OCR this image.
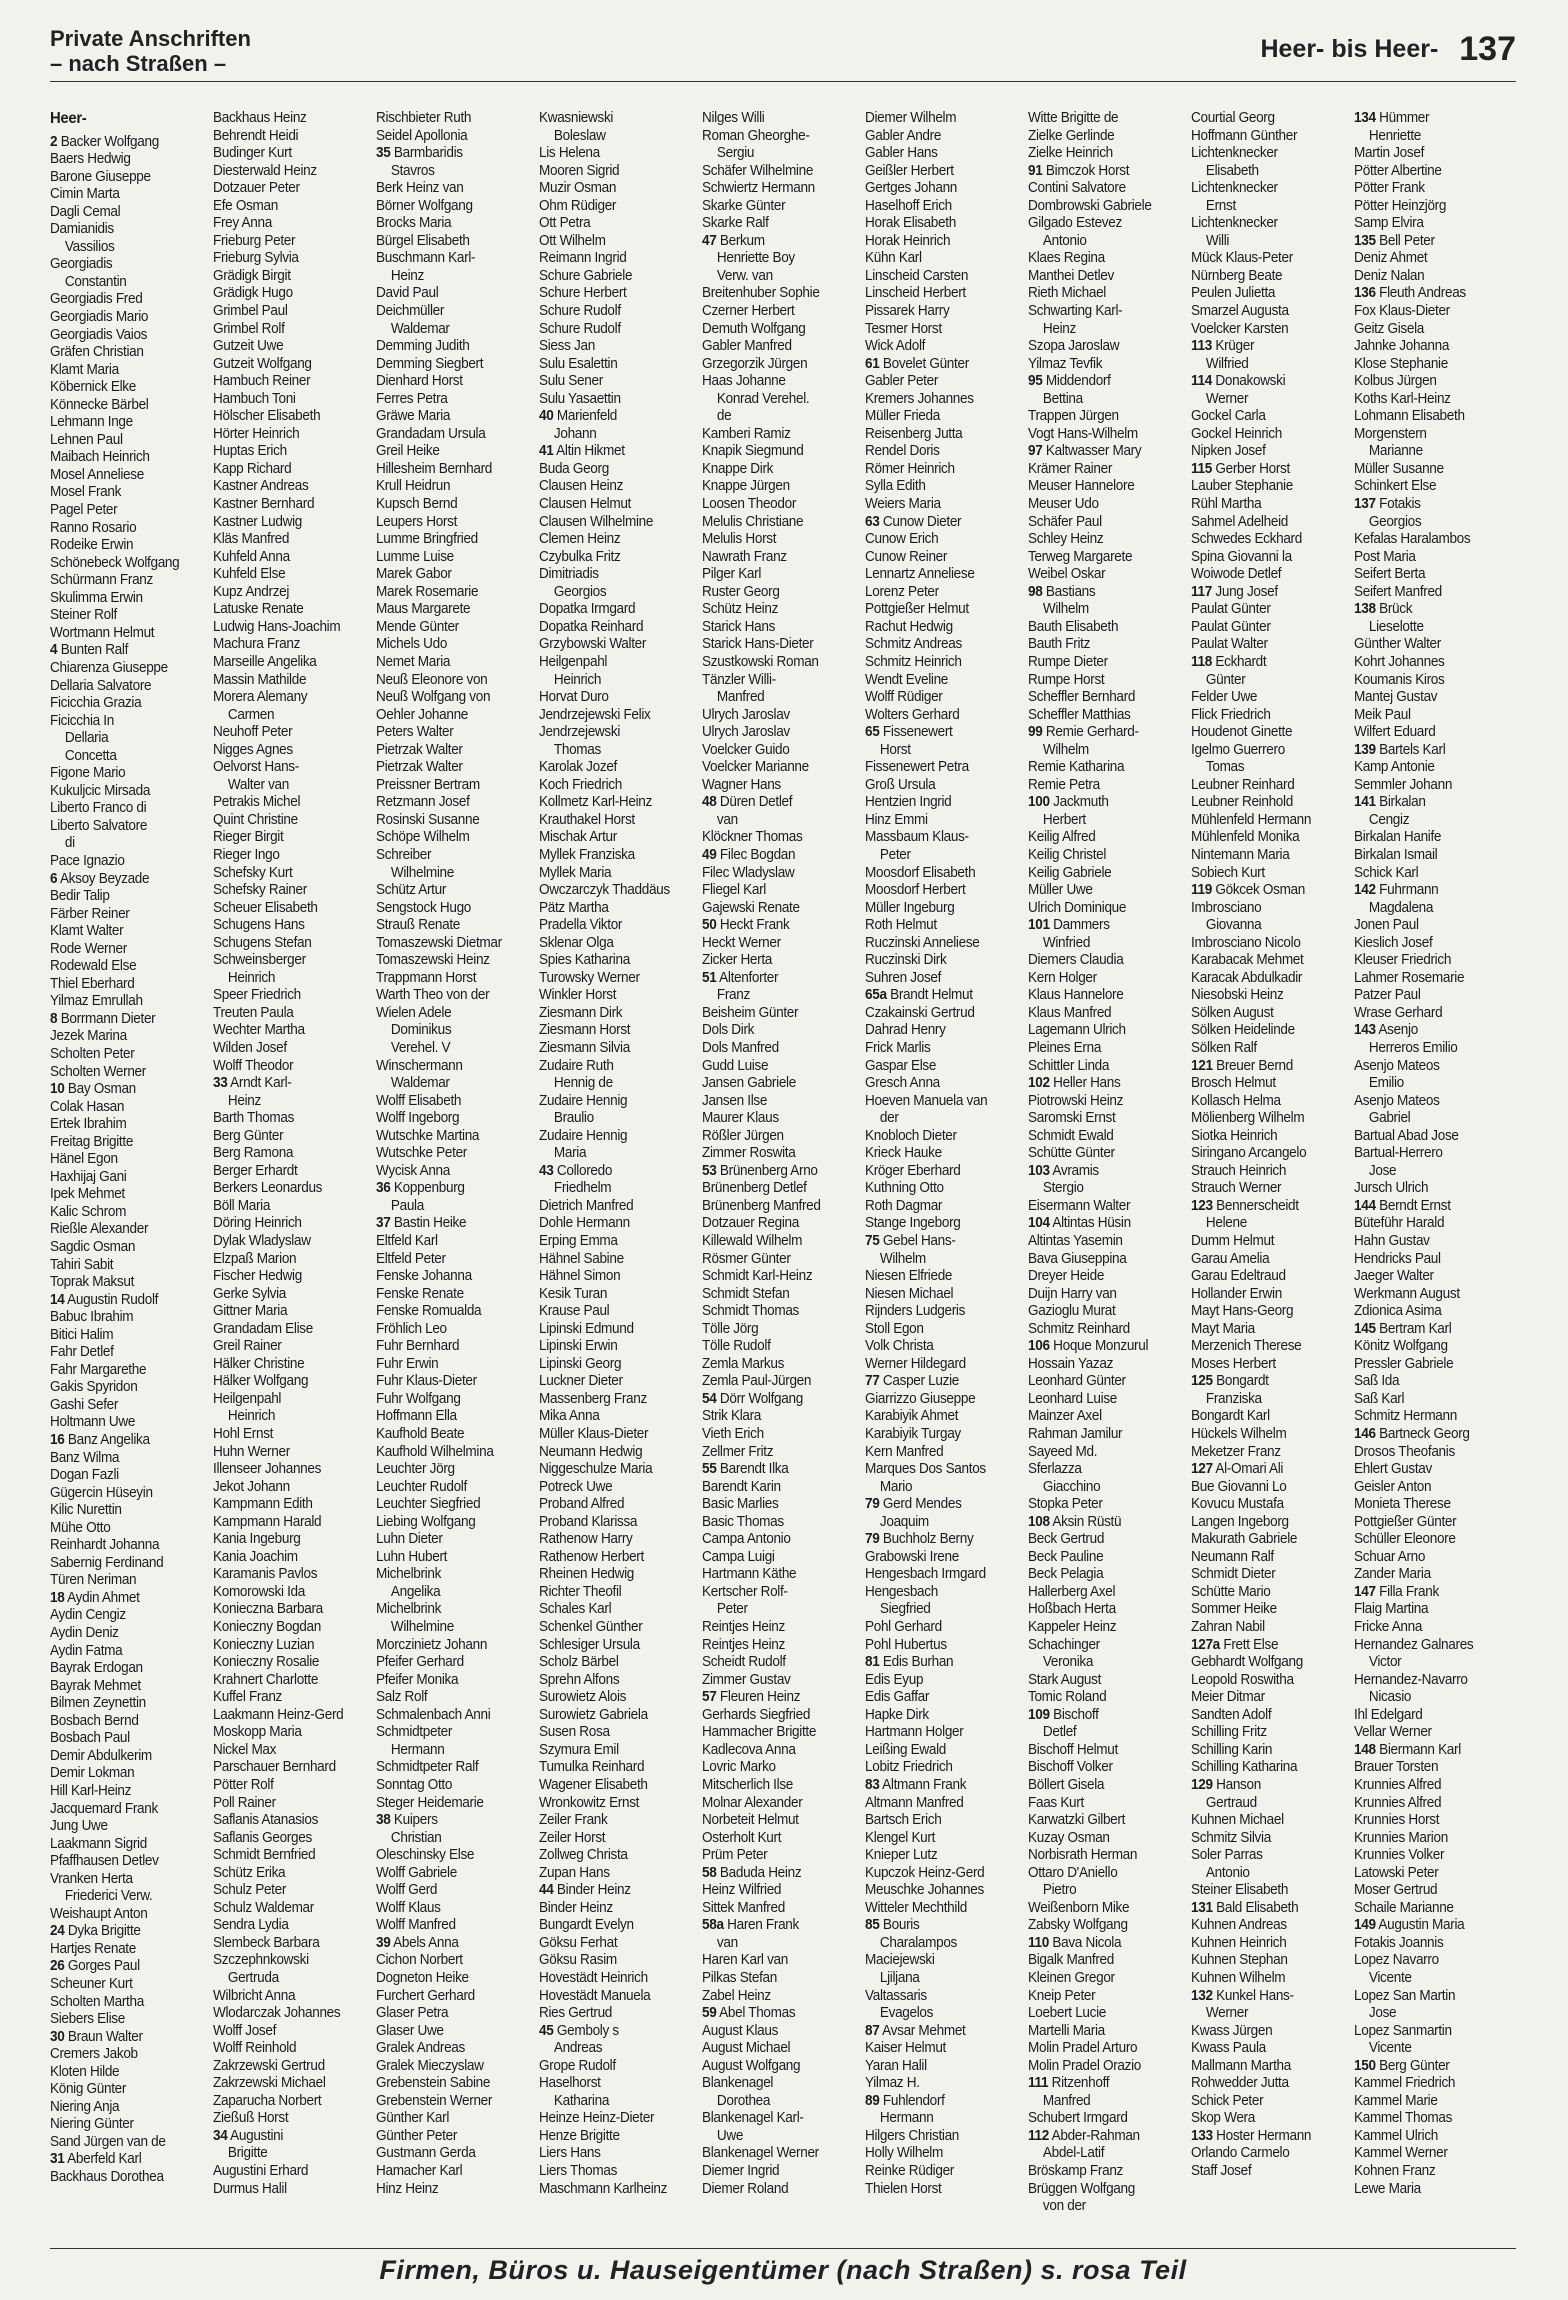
Private Anschriften
– nach Straßen –
Heer- bis Heer- 137
Heer-
2 Backer Wolfgang
Baers Hedwig
Barone Giuseppe
Cimin Marta
Dagli Cemal
Damianidis
Vassilios
Georgiadis
Constantin
Georgiadis Fred
Georgiadis Mario
Georgiadis Vaios
Gräfen Christian
Klamt Maria
Köbernick Elke
Könnecke Bärbel
Lehmann Inge
Lehnen Paul
Maibach Heinrich
Mosel Anneliese
Mosel Frank
Pagel Peter
Ranno Rosario
Rodeike Erwin
Schönebeck Wolfgang
Schürmann Franz
Skulimma Erwin
Steiner Rolf
Wortmann Helmut
4 Bunten Ralf
Chiarenza Giuseppe
Dellaria Salvatore
Ficicchia Grazia
Ficicchia In
Dellaria
Concetta
Figone Mario
Kukuljcic Mirsada
Liberto Franco di
Liberto Salvatore
di
Pace Ignazio
6 Aksoy Beyzade
Bedir Talip
Färber Reiner
Klamt Walter
Rode Werner
Rodewald Else
Thiel Eberhard
Yilmaz Emrullah
8 Borrmann Dieter
Jezek Marina
Scholten Peter
Scholten Werner
10 Bay Osman
Colak Hasan
Ertek Ibrahim
Freitag Brigitte
Hänel Egon
Haxhijaj Gani
Ipek Mehmet
Kalic Schrom
Rießle Alexander
Sagdic Osman
Tahiri Sabit
Toprak Maksut
14 Augustin Rudolf
Babuc Ibrahim
Bitici Halim
Fahr Detlef
Fahr Margarethe
Gakis Spyridon
Gashi Sefer
Holtmann Uwe
16 Banz Angelika
Banz Wilma
Dogan Fazli
Gügercin Hüseyin
Kilic Nurettin
Mühe Otto
Reinhardt Johanna
Sabernig Ferdinand
Türen Neriman
18 Aydin Ahmet
Aydin Cengiz
Aydin Deniz
Aydin Fatma
Bayrak Erdogan
Bayrak Mehmet
Bilmen Zeynettin
Bosbach Bernd
Bosbach Paul
Demir Abdulkerim
Demir Lokman
Hill Karl-Heinz
Jacquemard Frank
Jung Uwe
Laakmann Sigrid
Pfaffhausen Detlev
Vranken Herta
Friederici Verw.
Weishaupt Anton
24 Dyka Brigitte
Hartjes Renate
26 Gorges Paul
Scheuner Kurt
Scholten Martha
Siebers Elise
30 Braun Walter
Cremers Jakob
Kloten Hilde
König Günter
Niering Anja
Niering Günter
Sand Jürgen van de
31 Aberfeld Karl
Backhaus Dorothea
Backhaus Heinz
Behrendt Heidi
Budinger Kurt
Diesterwald Heinz
Dotzauer Peter
Efe Osman
Frey Anna
Frieburg Peter
Frieburg Sylvia
Grädigk Birgit
Grädigk Hugo
Grimbel Paul
Grimbel Rolf
Gutzeit Uwe
Gutzeit Wolfgang
Hambuch Reiner
Hambuch Toni
Hölscher Elisabeth
Hörter Heinrich
Huptas Erich
Kapp Richard
Kastner Andreas
Kastner Bernhard
Kastner Ludwig
Kläs Manfred
Kuhfeld Anna
Kuhfeld Else
Kupz Andrzej
Latuske Renate
Ludwig Hans-Joachim
Machura Franz
Marseille Angelika
Massin Mathilde
Morera Alemany
Carmen
Neuhoff Peter
Nigges Agnes
Oelvorst Hans-
Walter van
Petrakis Michel
Quint Christine
Rieger Birgit
Rieger Ingo
Schefsky Kurt
Schefsky Rainer
Scheuer Elisabeth
Schugens Hans
Schugens Stefan
Schweinsberger
Heinrich
Speer Friedrich
Treuten Paula
Wechter Martha
Wilden Josef
Wolff Theodor
33 Arndt Karl-
Heinz
Barth Thomas
Berg Günter
Berg Ramona
Berger Erhardt
Berkers Leonardus
Böll Maria
Döring Heinrich
Dylak Wladyslaw
Elzpaß Marion
Fischer Hedwig
Gerke Sylvia
Gittner Maria
Grandadam Elise
Greil Rainer
Hälker Christine
Hälker Wolfgang
Heilgenpahl
Heinrich
Hohl Ernst
Huhn Werner
Illenseer Johannes
Jekot Johann
Kampmann Edith
Kampmann Harald
Kania Ingeburg
Kania Joachim
Karamanis Pavlos
Komorowski Ida
Konieczna Barbara
Konieczny Bogdan
Konieczny Luzian
Konieczny Rosalie
Krahnert Charlotte
Kuffel Franz
Laakmann Heinz-Gerd
Moskopp Maria
Nickel Max
Parschauer Bernhard
Pötter Rolf
Poll Rainer
Saflanis Atanasios
Saflanis Georges
Schmidt Bernfried
Schütz Erika
Schulz Peter
Schulz Waldemar
Sendra Lydia
Slembeck Barbara
Szczephnkowski
Gertruda
Wilbricht Anna
Wlodarczak Johannes
Wolff Josef
Wolff Reinhold
Zakrzewski Gertrud
Zakrzewski Michael
Zaparucha Norbert
Zießuß Horst
34 Augustini
Brigitte
Augustini Erhard
Durmus Halil
Rischbieter Ruth
Seidel Apollonia
35 Barmbaridis
Stavros
Berk Heinz van
Börner Wolfgang
Brocks Maria
Bürgel Elisabeth
Buschmann Karl-
Heinz
David Paul
Deichmüller
Waldemar
Demming Judith
Demming Siegbert
Dienhard Horst
Ferres Petra
Gräwe Maria
Grandadam Ursula
Greil Heike
Hillesheim Bernhard
Krull Heidrun
Kupsch Bernd
Leupers Horst
Lumme Bringfried
Lumme Luise
Marek Gabor
Marek Rosemarie
Maus Margarete
Mende Günter
Michels Udo
Nemet Maria
Neuß Eleonore von
Neuß Wolfgang von
Oehler Johanne
Peters Walter
Pietrzak Walter
Pietrzak Walter
Preissner Bertram
Retzmann Josef
Rosinski Susanne
Schöpe Wilhelm
Schreiber
Wilhelmine
Schütz Artur
Sengstock Hugo
Strauß Renate
Tomaszewski Dietmar
Tomaszewski Heinz
Trappmann Horst
Warth Theo von der
Wielen Adele
Dominikus
Verehel. V
Winschermann
Waldemar
Wolff Elisabeth
Wolff Ingeborg
Wutschke Martina
Wutschke Peter
Wycisk Anna
36 Koppenburg
Paula
37 Bastin Heike
Eltfeld Karl
Eltfeld Peter
Fenske Johanna
Fenske Renate
Fenske Romualda
Fröhlich Leo
Fuhr Bernhard
Fuhr Erwin
Fuhr Klaus-Dieter
Fuhr Wolfgang
Hoffmann Ella
Kaufhold Beate
Kaufhold Wilhelmina
Leuchter Jörg
Leuchter Rudolf
Leuchter Siegfried
Liebing Wolfgang
Luhn Dieter
Luhn Hubert
Michelbrink
Angelika
Michelbrink
Wilhelmine
Morczinietz Johann
Pfeifer Gerhard
Pfeifer Monika
Salz Rolf
Schmalenbach Anni
Schmidtpeter
Hermann
Schmidtpeter Ralf
Sonntag Otto
Steger Heidemarie
38 Kuipers
Christian
Oleschinsky Else
Wolff Gabriele
Wolff Gerd
Wolff Klaus
Wolff Manfred
39 Abels Anna
Cichon Norbert
Dogneton Heike
Furchert Gerhard
Glaser Petra
Glaser Uwe
Gralek Andreas
Gralek Mieczyslaw
Grebenstein Sabine
Grebenstein Werner
Günther Karl
Günther Peter
Gustmann Gerda
Hamacher Karl
Hinz Heinz
Kwasniewski
Boleslaw
Lis Helena
Mooren Sigrid
Muzir Osman
Ohm Rüdiger
Ott Petra
Ott Wilhelm
Reimann Ingrid
Schure Gabriele
Schure Herbert
Schure Rudolf
Schure Rudolf
Siess Jan
Sulu Esalettin
Sulu Sener
Sulu Yasaettin
40 Marienfeld
Johann
41 Altin Hikmet
Buda Georg
Clausen Heinz
Clausen Helmut
Clausen Wilhelmine
Clemen Heinz
Czybulka Fritz
Dimitriadis
Georgios
Dopatka Irmgard
Dopatka Reinhard
Grzybowski Walter
Heilgenpahl
Heinrich
Horvat Duro
Jendrzejewski Felix
Jendrzejewski
Thomas
Karolak Jozef
Koch Friedrich
Kollmetz Karl-Heinz
Krauthakel Horst
Mischak Artur
Myllek Franziska
Myllek Maria
Owczarczyk Thaddäus
Pätz Martha
Pradella Viktor
Sklenar Olga
Spies Katharina
Turowsky Werner
Winkler Horst
Ziesmann Dirk
Ziesmann Horst
Ziesmann Silvia
Zudaire Ruth
Hennig de
Zudaire Hennig
Braulio
Zudaire Hennig
Maria
43 Colloredo
Friedhelm
Dietrich Manfred
Dohle Hermann
Erping Emma
Hähnel Sabine
Hähnel Simon
Kesik Turan
Krause Paul
Lipinski Edmund
Lipinski Erwin
Lipinski Georg
Luckner Dieter
Massenberg Franz
Mika Anna
Müller Klaus-Dieter
Neumann Hedwig
Niggeschulze Maria
Potreck Uwe
Proband Alfred
Proband Klarissa
Rathenow Harry
Rathenow Herbert
Rheinen Hedwig
Richter Theofil
Schales Karl
Schenkel Günther
Schlesiger Ursula
Scholz Bärbel
Sprehn Alfons
Surowietz Alois
Surowietz Gabriela
Susen Rosa
Szymura Emil
Tumulka Reinhard
Wagener Elisabeth
Wronkowitz Ernst
Zeiler Frank
Zeiler Horst
Zollweg Christa
Zupan Hans
44 Binder Heinz
Binder Heinz
Bungardt Evelyn
Göksu Ferhat
Göksu Rasim
Hovestädt Heinrich
Hovestädt Manuela
Ries Gertrud
45 Gemboly s
Andreas
Grope Rudolf
Haselhorst
Katharina
Heinze Heinz-Dieter
Henze Brigitte
Liers Hans
Liers Thomas
Maschmann Karlheinz
Nilges Willi
Roman Gheorghe-
Sergiu
Schäfer Wilhelmine
Schwiertz Hermann
Skarke Günter
Skarke Ralf
47 Berkum
Henriette Boy
Verw. van
Breitenhuber Sophie
Czerner Herbert
Demuth Wolfgang
Gabler Manfred
Grzegorzik Jürgen
Haas Johanne
Konrad Verehel.
de
Kamberi Ramiz
Knapik Siegmund
Knappe Dirk
Knappe Jürgen
Loosen Theodor
Melulis Christiane
Melulis Horst
Nawrath Franz
Pilger Karl
Ruster Georg
Schütz Heinz
Starick Hans
Starick Hans-Dieter
Szustkowski Roman
Tänzler Willi-
Manfred
Ulrych Jaroslav
Ulrych Jaroslav
Voelcker Guido
Voelcker Marianne
Wagner Hans
48 Düren Detlef
van
Klöckner Thomas
49 Filec Bogdan
Filec Wladyslaw
Fliegel Karl
Gajewski Renate
50 Heckt Frank
Heckt Werner
Zicker Herta
51 Altenforter
Franz
Beisheim Günter
Dols Dirk
Dols Manfred
Gudd Luise
Jansen Gabriele
Jansen Ilse
Maurer Klaus
Rößler Jürgen
Zimmer Roswita
53 Brünenberg Arno
Brünenberg Detlef
Brünenberg Manfred
Dotzauer Regina
Killewald Wilhelm
Rösmer Günter
Schmidt Karl-Heinz
Schmidt Stefan
Schmidt Thomas
Tölle Jörg
Tölle Rudolf
Zemla Markus
Zemla Paul-Jürgen
54 Dörr Wolfgang
Strik Klara
Vieth Erich
Zellmer Fritz
55 Barendt Ilka
Barendt Karin
Basic Marlies
Basic Thomas
Campa Antonio
Campa Luigi
Hartmann Käthe
Kertscher Rolf-
Peter
Reintjes Heinz
Reintjes Heinz
Scheidt Rudolf
Zimmer Gustav
57 Fleuren Heinz
Gerhards Siegfried
Hammacher Brigitte
Kadlecova Anna
Lovric Marko
Mitscherlich Ilse
Molnar Alexander
Norbeteit Helmut
Osterholt Kurt
Prüm Peter
58 Baduda Heinz
Heinz Wilfried
Sittek Manfred
58a Haren Frank
van
Haren Karl van
Pilkas Stefan
Zabel Heinz
59 Abel Thomas
August Klaus
August Michael
August Wolfgang
Blankenagel
Dorothea
Blankenagel Karl-
Uwe
Blankenagel Werner
Diemer Ingrid
Diemer Roland
Diemer Wilhelm
Gabler Andre
Gabler Hans
Geißler Herbert
Gertges Johann
Haselhoff Erich
Horak Elisabeth
Horak Heinrich
Kühn Karl
Linscheid Carsten
Linscheid Herbert
Pissarek Harry
Tesmer Horst
Wick Adolf
61 Bovelet Günter
Gabler Peter
Kremers Johannes
Müller Frieda
Reisenberg Jutta
Rendel Doris
Römer Heinrich
Sylla Edith
Weiers Maria
63 Cunow Dieter
Cunow Erich
Cunow Reiner
Lennartz Anneliese
Lorenz Peter
Pottgießer Helmut
Rachut Hedwig
Schmitz Andreas
Schmitz Heinrich
Wendt Eveline
Wolff Rüdiger
Wolters Gerhard
65 Fissenewert
Horst
Fissenewert Petra
Groß Ursula
Hentzien Ingrid
Hinz Emmi
Massbaum Klaus-
Peter
Moosdorf Elisabeth
Moosdorf Herbert
Müller Ingeburg
Roth Helmut
Ruczinski Anneliese
Ruczinski Dirk
Suhren Josef
65a Brandt Helmut
Czakainski Gertrud
Dahrad Henry
Frick Marlis
Gaspar Else
Gresch Anna
Hoeven Manuela van
der
Knobloch Dieter
Krieck Hauke
Kröger Eberhard
Kuthning Otto
Roth Dagmar
Stange Ingeborg
75 Gebel Hans-
Wilhelm
Niesen Elfriede
Niesen Michael
Rijnders Ludgeris
Stoll Egon
Volk Christa
Werner Hildegard
77 Casper Luzie
Giarrizzo Giuseppe
Karabiyik Ahmet
Karabiyik Turgay
Kern Manfred
Marques Dos Santos
Mario
79 Gerd Mendes
Joaquim
79 Buchholz Berny
Grabowski Irene
Hengesbach Irmgard
Hengesbach
Siegfried
Pohl Gerhard
Pohl Hubertus
81 Edis Burhan
Edis Eyup
Edis Gaffar
Hapke Dirk
Hartmann Holger
Leißing Ewald
Lobitz Friedrich
83 Altmann Frank
Altmann Manfred
Bartsch Erich
Klengel Kurt
Knieper Lutz
Kupczok Heinz-Gerd
Meuschke Johannes
Witteler Mechthild
85 Bouris
Charalampos
Maciejewski
Ljiljana
Valtassaris
Evagelos
87 Avsar Mehmet
Kaiser Helmut
Yaran Halil
Yilmaz H.
89 Fuhlendorf
Hermann
Hilgers Christian
Holly Wilhelm
Reinke Rüdiger
Thielen Horst
Witte Brigitte de
Zielke Gerlinde
Zielke Heinrich
91 Bimczok Horst
Contini Salvatore
Dombrowski Gabriele
Gilgado Estevez
Antonio
Klaes Regina
Manthei Detlev
Rieth Michael
Schwarting Karl-
Heinz
Szopa Jaroslaw
Yilmaz Tevfik
95 Middendorf
Bettina
Trappen Jürgen
Vogt Hans-Wilhelm
97 Kaltwasser Mary
Krämer Rainer
Meuser Hannelore
Meuser Udo
Schäfer Paul
Schley Heinz
Terweg Margarete
Weibel Oskar
98 Bastians
Wilhelm
Bauth Elisabeth
Bauth Fritz
Rumpe Dieter
Rumpe Horst
Scheffler Bernhard
Scheffler Matthias
99 Remie Gerhard-
Wilhelm
Remie Katharina
Remie Petra
100 Jackmuth
Herbert
Keilig Alfred
Keilig Christel
Keilig Gabriele
Müller Uwe
Ulrich Dominique
101 Dammers
Winfried
Diemers Claudia
Kern Holger
Klaus Hannelore
Klaus Manfred
Lagemann Ulrich
Pleines Erna
Schittler Linda
102 Heller Hans
Piotrowski Heinz
Saromski Ernst
Schmidt Ewald
Schütte Günter
103 Avramis
Stergio
Eisermann Walter
104 Altintas Hüsin
Altintas Yasemin
Bava Giuseppina
Dreyer Heide
Duijn Harry van
Gazioglu Murat
Schmitz Reinhard
106 Hoque Monzurul
Hossain Yazaz
Leonhard Günter
Leonhard Luise
Mainzer Axel
Rahman Jamilur
Sayeed Md.
Sferlazza
Giacchino
Stopka Peter
108 Aksin Rüstü
Beck Gertrud
Beck Pauline
Beck Pelagia
Hallerberg Axel
Hoßbach Herta
Kappeler Heinz
Schachinger
Veronika
Stark August
Tomic Roland
109 Bischoff
Detlef
Bischoff Helmut
Bischoff Volker
Böllert Gisela
Faas Kurt
Karwatzki Gilbert
Kuzay Osman
Norbisrath Herman
Ottaro D'Aniello
Pietro
Weißenborn Mike
Zabsky Wolfgang
110 Bava Nicola
Bigalk Manfred
Kleinen Gregor
Kneip Peter
Loebert Lucie
Martelli Maria
Molin Pradel Arturo
Molin Pradel Orazio
111 Ritzenhoff
Manfred
Schubert Irmgard
112 Abder-Rahman
Abdel-Latif
Bröskamp Franz
Brüggen Wolfgang
von der
Courtial Georg
Hoffmann Günther
Lichtenknecker
Elisabeth
Lichtenknecker
Ernst
Lichtenknecker
Willi
Mück Klaus-Peter
Nürnberg Beate
Peulen Julietta
Smarzel Augusta
Voelcker Karsten
113 Krüger
Wilfried
114 Donakowski
Werner
Gockel Carla
Gockel Heinrich
Nipken Josef
115 Gerber Horst
Lauber Stephanie
Rühl Martha
Sahmel Adelheid
Schwedes Eckhard
Spina Giovanni la
Woiwode Detlef
117 Jung Josef
Paulat Günter
Paulat Günter
Paulat Walter
118 Eckhardt
Günter
Felder Uwe
Flick Friedrich
Houdenot Ginette
Igelmo Guerrero
Tomas
Leubner Reinhard
Leubner Reinhold
Mühlenfeld Hermann
Mühlenfeld Monika
Nintemann Maria
Sobiech Kurt
119 Gökcek Osman
Imbrosciano
Giovanna
Imbrosciano Nicolo
Karabacak Mehmet
Karacak Abdulkadir
Niesobski Heinz
Sölken August
Sölken Heidelinde
Sölken Ralf
121 Breuer Bernd
Brosch Helmut
Kollasch Helma
Mölienberg Wilhelm
Siotka Heinrich
Siringano Arcangelo
Strauch Heinrich
Strauch Werner
123 Bennerscheidt
Helene
Dumm Helmut
Garau Amelia
Garau Edeltraud
Hollander Erwin
Mayt Hans-Georg
Mayt Maria
Merzenich Therese
Moses Herbert
125 Bongardt
Franziska
Bongardt Karl
Hückels Wilhelm
Meketzer Franz
127 Al-Omari Ali
Bue Giovanni Lo
Kovucu Mustafa
Langen Ingeborg
Makurath Gabriele
Neumann Ralf
Schmidt Dieter
Schütte Mario
Sommer Heike
Zahran Nabil
127a Frett Else
Gebhardt Wolfgang
Leopold Roswitha
Meier Ditmar
Sandten Adolf
Schilling Fritz
Schilling Karin
Schilling Katharina
129 Hanson
Gertraud
Kuhnen Michael
Schmitz Silvia
Soler Parras
Antonio
Steiner Elisabeth
131 Bald Elisabeth
Kuhnen Andreas
Kuhnen Heinrich
Kuhnen Stephan
Kuhnen Wilhelm
132 Kunkel Hans-
Werner
Kwass Jürgen
Kwass Paula
Mallmann Martha
Rohwedder Jutta
Schick Peter
Skop Wera
133 Hoster Hermann
Orlando Carmelo
Staff Josef
134 Hümmer
Henriette
Martin Josef
Pötter Albertine
Pötter Frank
Pötter Heinzjörg
Samp Elvira
135 Bell Peter
Deniz Ahmet
Deniz Nalan
136 Fleuth Andreas
Fox Klaus-Dieter
Geitz Gisela
Jahnke Johanna
Klose Stephanie
Kolbus Jürgen
Koths Karl-Heinz
Lohmann Elisabeth
Morgenstern
Marianne
Müller Susanne
Schinkert Else
137 Fotakis
Georgios
Kefalas Haralambos
Post Maria
Seifert Berta
Seifert Manfred
138 Brück
Lieselotte
Günther Walter
Kohrt Johannes
Koumanis Kiros
Mantej Gustav
Meik Paul
Wilfert Eduard
139 Bartels Karl
Kamp Antonie
Semmler Johann
141 Birkalan
Cengiz
Birkalan Hanife
Birkalan Ismail
Schick Karl
142 Fuhrmann
Magdalena
Jonen Paul
Kieslich Josef
Kleuser Friedrich
Lahmer Rosemarie
Patzer Paul
Wrase Gerhard
143 Asenjo
Herreros Emilio
Asenjo Mateos
Emilio
Asenjo Mateos
Gabriel
Bartual Abad Jose
Bartual-Herrero
Jose
Jursch Ulrich
144 Berndt Ernst
Büteführ Harald
Hahn Gustav
Hendricks Paul
Jaeger Walter
Werkmann August
Zdionica Asima
145 Bertram Karl
Könitz Wolfgang
Pressler Gabriele
Saß Ida
Saß Karl
Schmitz Hermann
146 Bartneck Georg
Drosos Theofanis
Ehlert Gustav
Geisler Anton
Monieta Therese
Pottgießer Günter
Schüller Eleonore
Schuar Arno
Zander Maria
147 Filla Frank
Flaig Martina
Fricke Anna
Hernandez Galnares
Victor
Hernandez-Navarro
Nicasio
Ihl Edelgard
Vellar Werner
148 Biermann Karl
Brauer Torsten
Krunnies Alfred
Krunnies Alfred
Krunnies Horst
Krunnies Marion
Krunnies Volker
Latowski Peter
Moser Gertrud
Schaile Marianne
149 Augustin Maria
Fotakis Joannis
Lopez Navarro
Vicente
Lopez San Martin
Jose
Lopez Sanmartin
Vicente
150 Berg Günter
Kammel Friedrich
Kammel Marie
Kammel Thomas
Kammel Ulrich
Kammel Werner
Kohnen Franz
Lewe Maria
Firmen, Büros u. Hauseigentümer (nach Straßen) s. rosa Teil
